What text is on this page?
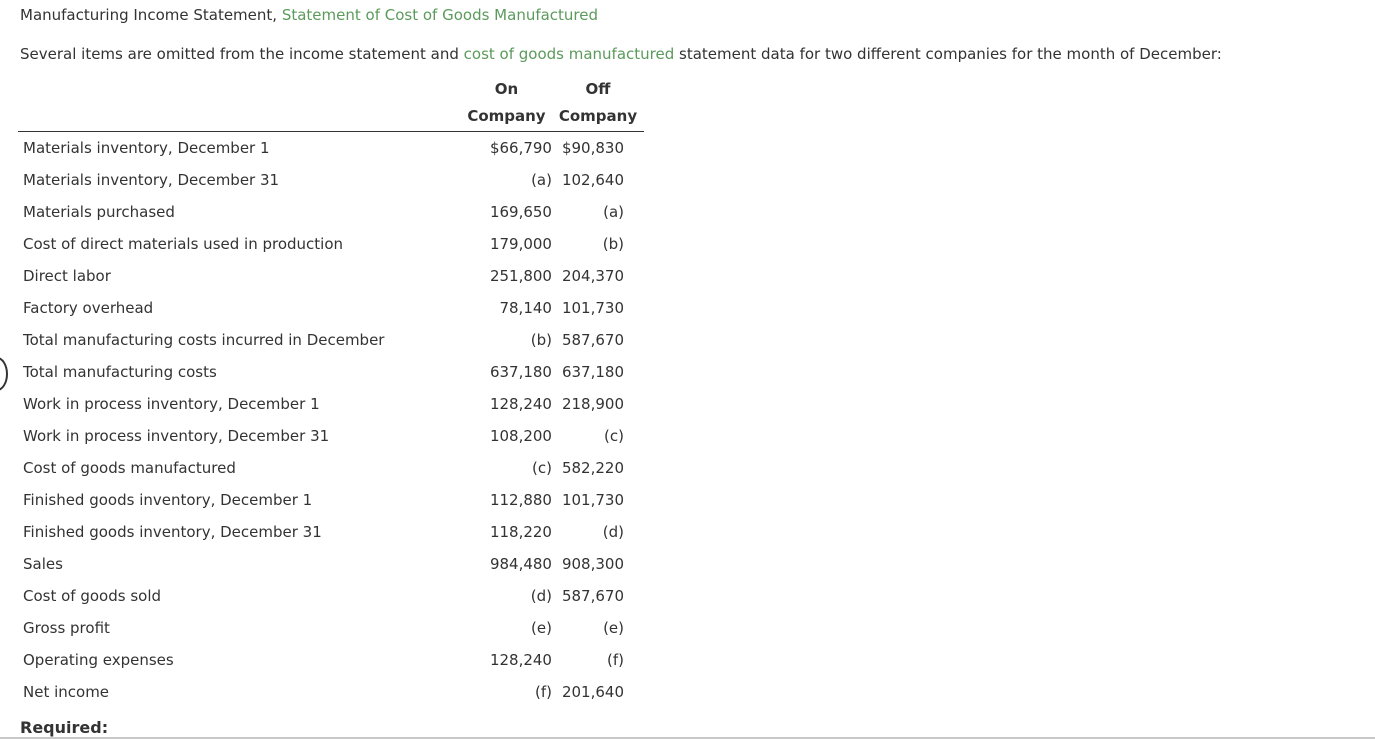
Manufacturing Income Statement, Statement of Cost of Goods Manufactured
Several items are omitted from the income statement and cost of goods manufactured statement data for two different companies for the month of December:
	On	Off
	Company	Company
Materials inventory, December 1	$66,790	$90,830
Materials inventory, December 31	(a)	102,640
Materials purchased	169,650	(a)
Cost of direct materials used in production	179,000	(b)
Direct labor	251,800	204,370
Factory overhead	78,140	101,730
Total manufacturing costs incurred in December	(b)	587,670
Total manufacturing costs	637,180	637,180
Work in process inventory, December 1	128,240	218,900
Work in process inventory, December 31	108,200	(c)
Cost of goods manufactured	(c)	582,220
Finished goods inventory, December 1	112,880	101,730
Finished goods inventory, December 31	118,220	(d)
Sales	984,480	908,300
Cost of goods sold	(d)	587,670
Gross profit	(e)	(e)
Operating expenses	128,240	(f)
Net income	(f)	201,640
Required:
